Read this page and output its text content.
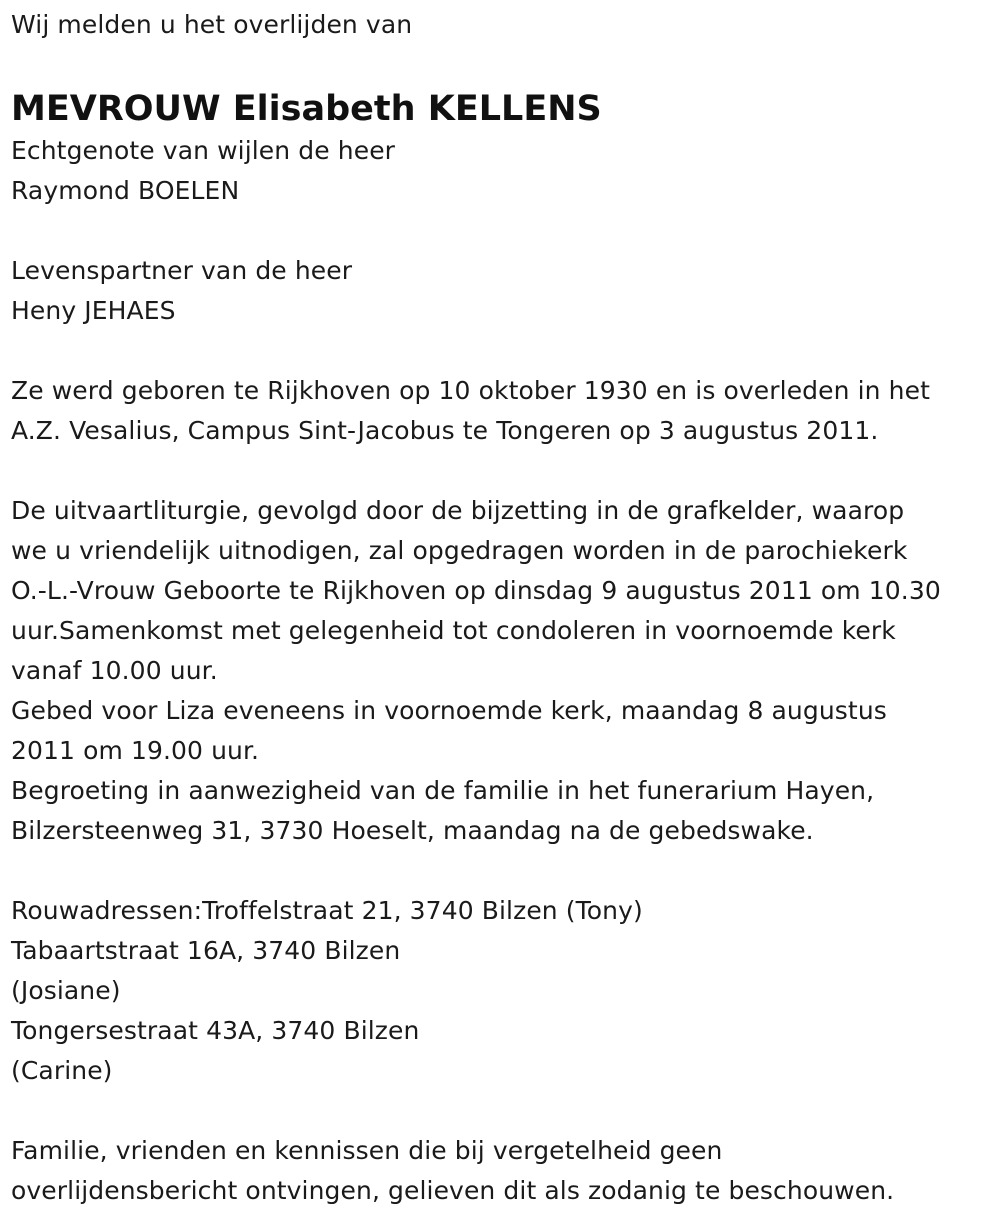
Wij melden u het overlijden van
MEVROUW Elisabeth KELLENS
Echtgenote van wijlen de heer
Raymond BOELEN
Levenspartner van de heer
Heny JEHAES
Ze werd geboren te Rijkhoven op 10 oktober 1930 en is overleden in het
A.Z. Vesalius, Campus Sint-Jacobus te Tongeren op 3 augustus 2011.
De uitvaartliturgie, gevolgd door de bijzetting in de grafkelder, waarop
we u vriendelijk uitnodigen, zal opgedragen worden in de parochiekerk
O.-L.-Vrouw Geboorte te Rijkhoven op dinsdag 9 augustus 2011 om 10.30
uur.Samenkomst met gelegenheid tot condoleren in voornoemde kerk
vanaf 10.00 uur.
Gebed voor Liza eveneens in voornoemde kerk, maandag 8 augustus
2011 om 19.00 uur.
Begroeting in aanwezigheid van de familie in het funerarium Hayen,
Bilzersteenweg 31, 3730 Hoeselt, maandag na de gebedswake.
Rouwadressen:Troffelstraat 21, 3740 Bilzen (Tony)
Tabaartstraat 16A, 3740 Bilzen
(Josiane)
Tongersestraat 43A, 3740 Bilzen
(Carine)
Familie, vrienden en kennissen die bij vergetelheid geen
overlijdensbericht ontvingen, gelieven dit als zodanig te beschouwen.
